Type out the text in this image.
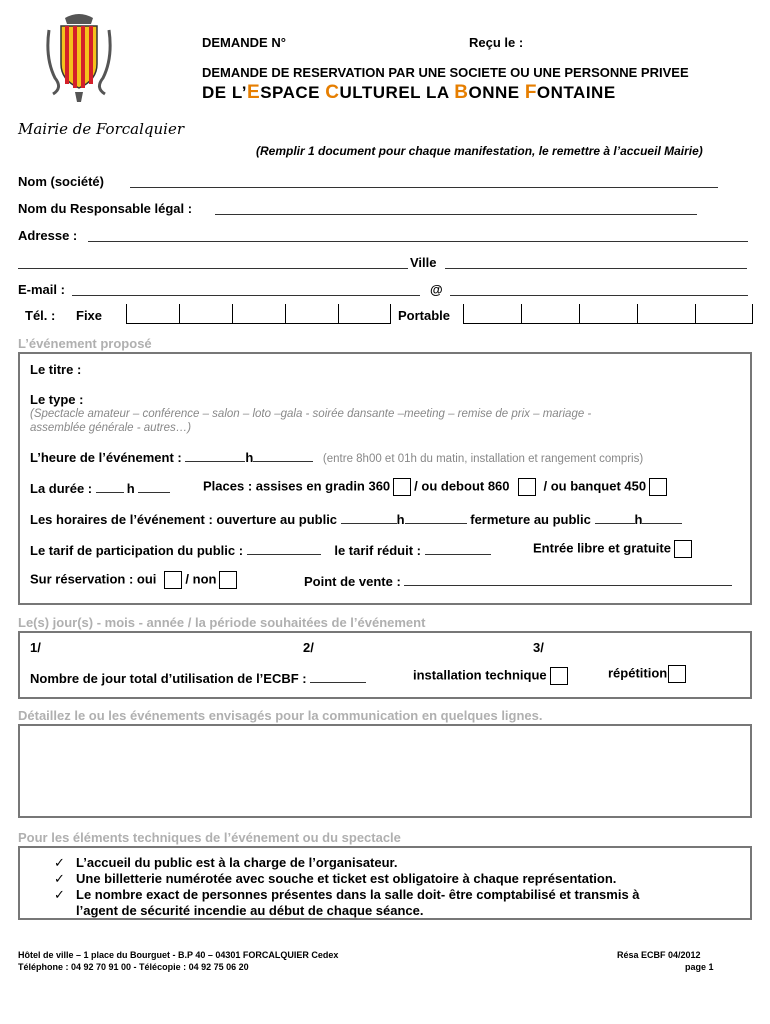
Mairie de Forcalquier
DEMANDE N°	Reçu le :
DEMANDE DE RESERVATION PAR UNE SOCIETE OU UNE PERSONNE PRIVEE
DE L’ESPACE CULTUREL LA BONNE FONTAINE
(Remplir 1 document pour chaque manifestation, le remettre à l’accueil Mairie)
Nom (société)
Nom du Responsable légal :
Adresse :
Ville
E-mail :	@
Tél. : Fixe	Portable
L’événement proposé
Le titre :
Le type :
(Spectacle amateur – conférence – salon – loto –gala - soirée dansante –meeting – remise de prix – mariage -
assemblée générale - autres…)
L’heure de l’événement :	h	(entre 8h00 et 01h du matin, installation et rangement compris)
La durée :	h	Places : assises en gradin 360 / ou debout 860	/ ou banquet 450
Les horaires de l’événement : ouverture au public	h	fermeture au public	h
Le tarif de participation du public :	le tarif réduit :	Entrée libre et gratuite
Sur réservation : oui / non	Point de vente :
Le(s) jour(s) - mois - année / la période souhaitées de l’événement
1/	2/	3/
Nombre de jour total d’utilisation de l’ECBF :	installation technique	répétition
Détaillez le ou les événements envisagés pour la communication en quelques lignes.
Pour les éléments techniques de l’événement ou du spectacle
✓ L’accueil du public est à la charge de l’organisateur.
✓ Une billetterie numérotée avec souche et ticket est obligatoire à chaque représentation.
✓ Le nombre exact de personnes présentes dans la salle doit- être comptabilisé et transmis à
l’agent de sécurité incendie au début de chaque séance.
Hôtel de ville – 1 place du Bourguet - B.P 40 – 04301 FORCALQUIER Cedex
Téléphone : 04 92 70 91 00 - Télécopie : 04 92 75 06 20
Résa ECBF 04/2012
page 1
